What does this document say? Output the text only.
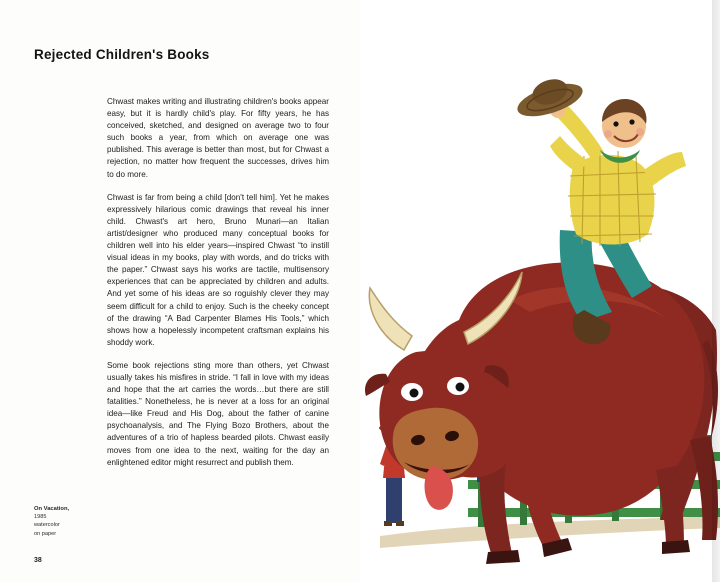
Rejected Children's Books

Chwast makes writing and illustrating children's books appear easy, but it is hardly child's play. For fifty years, he has conceived, sketched, and designed on average two to four such books a year, from which on average one was published. This average is better than most, but for Chwast a rejection, no matter how frequent the successes, drives him to do more.

Chwast is far from being a child [don't tell him]. Yet he makes expressively hilarious comic drawings that reveal his inner child. Chwast's art hero, Bruno Munari—an Italian artist/designer who produced many conceptual books for children well into his elder years—inspired Chwast “to instill visual ideas in my books, play with words, and do tricks with the paper.” Chwast says his works are tactile, multisensory experiences that can be appreciated by children and adults. And yet some of his ideas are so roguishly clever they may seem difficult for a child to enjoy. Such is the cheeky concept of the drawing “A Bad Carpenter Blames His Tools,” which shows how a hopelessly incompetent craftsman explains his shoddy work.

Some book rejections sting more than others, yet Chwast usually takes his misfires in stride. “I fall in love with my ideas and hope that the art carries the words…but there are still fatalities.” Nonetheless, he is never at a loss for an original idea—like Freud and His Dog, about the father of canine psychoanalysis, and The Flying Bozo Brothers, about the adventures of a trio of hapless bearded pilots. Chwast easily moves from one idea to the next, waiting for the day an enlightened editor might resurrect and publish them.

On Vacation,
1985
watercolor
on paper
38
